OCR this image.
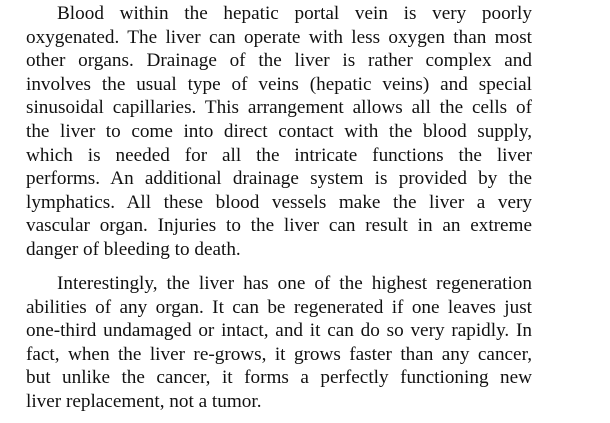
Blood within the hepatic portal vein is very poorly
oxygenated. The liver can operate with less oxygen than most
other organs. Drainage of the liver is rather complex and
involves the usual type of veins (hepatic veins) and special
sinusoidal capillaries. This arrangement allows all the cells of
the liver to come into direct contact with the blood supply,
which is needed for all the intricate functions the liver
performs. An additional drainage system is provided by the
lymphatics. All these blood vessels make the liver a very
vascular organ. Injuries to the liver can result in an extreme
danger of bleeding to death.
Interestingly, the liver has one of the highest regeneration
abilities of any organ. It can be regenerated if one leaves just
one-third undamaged or intact, and it can do so very rapidly. In
fact, when the liver re-grows, it grows faster than any cancer,
but unlike the cancer, it forms a perfectly functioning new
liver replacement, not a tumor.
